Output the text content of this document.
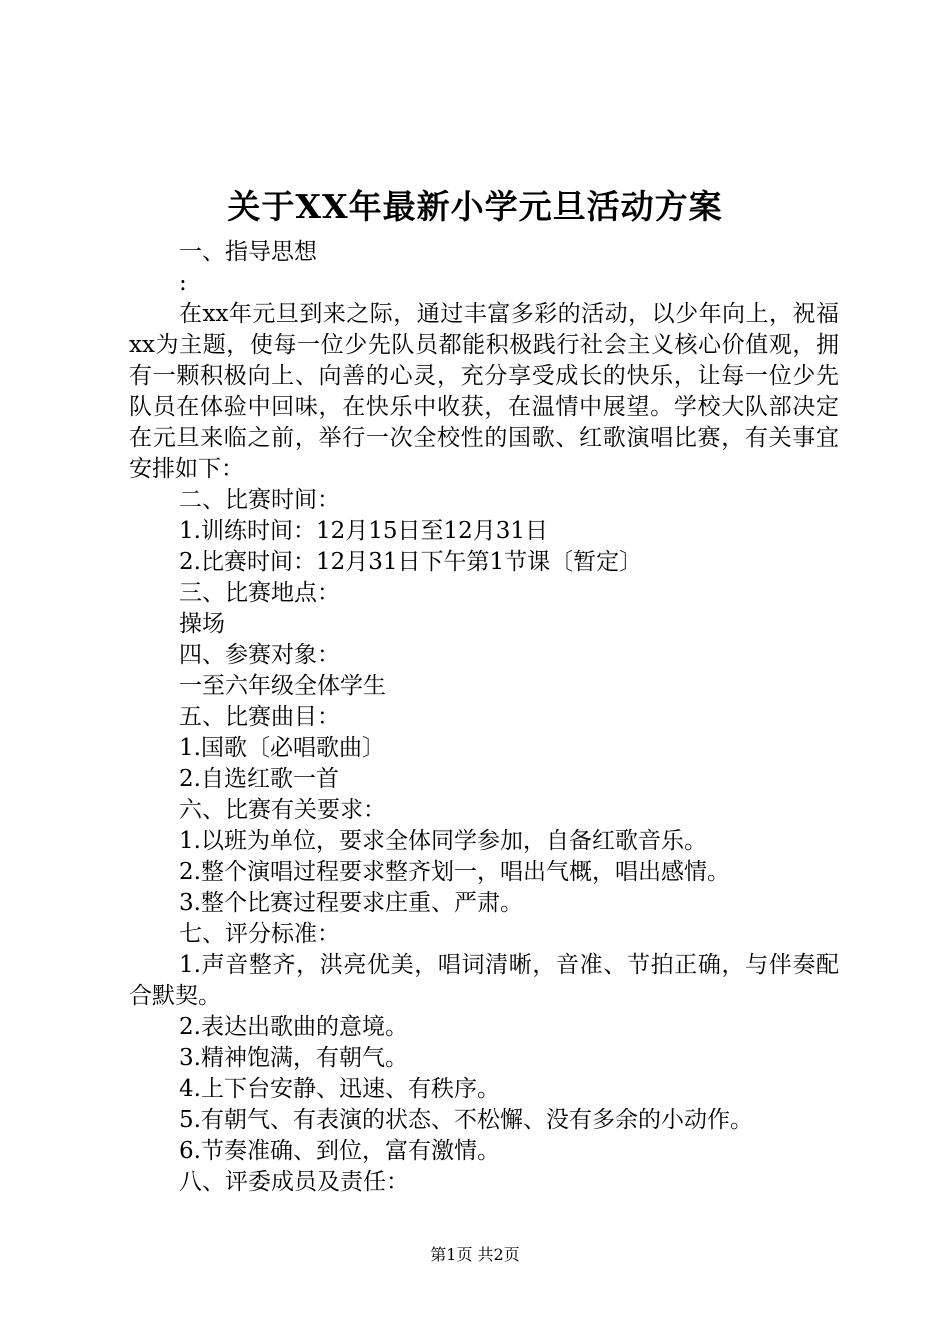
关于XX年最新小学元旦活动方案

一、指导思想

:

在xx年元旦到来之际，通过丰富多彩的活动，以少年向上，祝福xx为主题，使每一位少先队员都能积极践行社会主义核心价值观，拥有一颗积极向上、向善的心灵，充分享受成长的快乐，让每一位少先队员在体验中回味，在快乐中收获，在温情中展望。学校大队部决定在元旦来临之前，举行一次全校性的国歌、红歌演唱比赛，有关事宜安排如下：

二、比赛时间：

1.训练时间：12月15日至12月31日

2.比赛时间：12月31日下午第1节课〔暂定〕

三、比赛地点：

操场

四、参赛对象：

一至六年级全体学生

五、比赛曲目：

1.国歌〔必唱歌曲〕

2.自选红歌一首

六、比赛有关要求：

1.以班为单位，要求全体同学参加，自备红歌音乐。

2.整个演唱过程要求整齐划一，唱出气概，唱出感情。

3.整个比赛过程要求庄重、严肃。

七、评分标准：

1.声音整齐，洪亮优美，唱词清晰，音准、节拍正确，与伴奏配合默契。

2.表达出歌曲的意境。

3.精神饱满，有朝气。

4.上下台安静、迅速、有秩序。

5.有朝气、有表演的状态、不松懈、没有多余的小动作。

6.节奏准确、到位，富有激情。

八、评委成员及责任：

第1页 共2页
